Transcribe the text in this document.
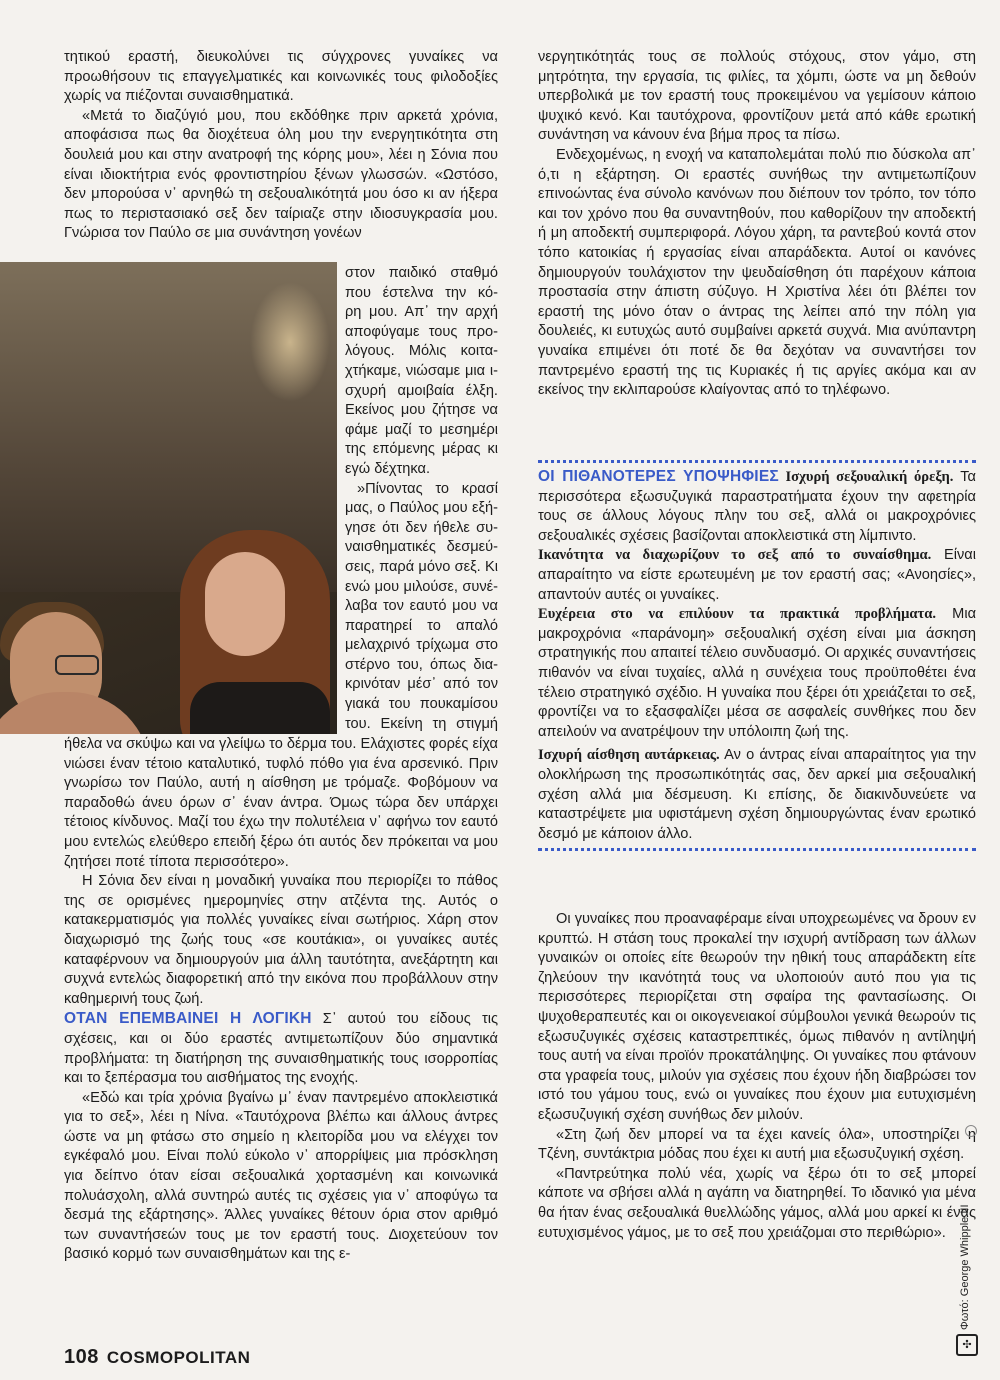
τητικού εραστή, διευκολύνει τις σύγχρονες γυναίκες να προωθήσουν τις επαγγελματικές και κοινωνικές τους φιλοδοξίες χωρίς να πιέζονται συναισθηματικά.

«Μετά το διαζύγιό μου, που εκδόθηκε πριν αρκετά χρόνια, αποφάσισα πως θα διοχέτευα όλη μου την ενεργητικότητα στη δουλειά μου και στην ανατροφή της κόρης μου», λέει η Σόνια που είναι ιδιοκτήτρια ενός φροντιστηρίου ξένων γλωσσών. «Ωστόσο, δεν μπορούσα ν᾽ αρνηθώ τη σεξουαλικότητά μου όσο κι αν ήξερα πως το περιστασιακό σεξ δεν ταίριαζε στην ιδιοσυγκρασία μου. Γνώρισα τον Παύλο σε μια συνάντηση γονέων

στον παιδικό σταθμό
που έστελνα την κό-
ρη μου. Απ᾽ την αρχή
αποφύγαμε τους προ-
λόγους. Μόλις κοιτα-
χτήκαμε, νιώσαμε μια ι-
σχυρή αμοιβαία έλξη.
Εκείνος μου ζήτησε να
φάμε μαζί το μεσημέρι
της επόμενης μέρας κι
εγώ δέχτηκα.
»Πίνοντας το κρασί
μας, ο Παύλος μου εξή-
γησε ότι δεν ήθελε συ-
ναισθηματικές δεσμεύ-
σεις, παρά μόνο σεξ. Κι
ενώ μου μιλούσε, συνέ-
λαβα τον εαυτό μου να
παρατηρεί το απαλό
μελαχρινό τρίχωμα στο
στέρνο του, όπως δια-
κρινόταν μέσ᾽ από τον
γιακά του πουκαμίσου
του. Εκείνη τη στιγμή

ήθελα να σκύψω και να γλείψω το δέρμα του. Ελάχιστες φορές είχα νιώσει έναν τέτοιο καταλυτικό, τυφλό πόθο για ένα αρσενικό. Πριν γνωρίσω τον Παύλο, αυτή η αίσθηση με τρόμαζε. Φοβόμουν να παραδοθώ άνευ όρων σ᾽ έναν άντρα. Όμως τώρα δεν υπάρχει τέτοιος κίνδυνος. Μαζί του έχω την πολυτέλεια ν᾽ αφήνω τον εαυτό μου εντελώς ελεύθερο επειδή ξέρω ότι αυτός δεν πρόκειται να μου ζητήσει ποτέ τίποτα περισσότερο».

Η Σόνια δεν είναι η μοναδική γυναίκα που περιορίζει το πάθος της σε ορισμένες ημερομηνίες στην ατζέντα της. Αυτός ο κατακερματισμός για πολλές γυναίκες είναι σωτήριος. Χάρη στον διαχωρισμό της ζωής τους «σε κουτάκια», οι γυναίκες αυτές καταφέρνουν να δημιουργούν μια άλλη ταυτότητα, ανεξάρτητη και συχνά εντελώς διαφορετική από την εικόνα που προβάλλουν στην καθημερινή τους ζωή.

ΟΤΑΝ ΕΠΕΜΒΑΙΝΕΙ Η ΛΟΓΙΚΗ Σ᾽ αυτού του είδους τις σχέσεις, και οι δύο εραστές αντιμετωπίζουν δύο σημαντικά προβλήματα: τη διατήρηση της συναισθηματικής τους ισορροπίας και το ξεπέρασμα του αισθήματος της ενοχής.

«Εδώ και τρία χρόνια βγαίνω μ᾽ έναν παντρεμένο αποκλειστικά για το σεξ», λέει η Νίνα. «Ταυτόχρονα βλέπω και άλλους άντρες ώστε να μη φτάσω στο σημείο η κλειτορίδα μου να ελέγχει τον εγκέφαλό μου. Είναι πολύ εύκολο ν᾽ απορρίψεις μια πρόσκληση για δείπνο όταν είσαι σεξουαλικά χορτασμένη και κοινωνικά πολυάσχολη, αλλά συντηρώ αυτές τις σχέσεις για ν᾽ αποφύγω τα δεσμά της εξάρτησης». Άλλες γυναίκες θέτουν όρια στον αριθμό των συναντήσεών τους με τον εραστή τους. Διοχετεύουν τον βασικό κορμό των συναισθημάτων και της ε-

νεργητικότητάς τους σε πολλούς στόχους, στον γάμο, στη μητρότητα, την εργασία, τις φιλίες, τα χόμπι, ώστε να μη δεθούν υπερβολικά με τον εραστή τους προκειμένου να γεμίσουν κάποιο ψυχικό κενό. Και ταυτόχρονα, φροντίζουν μετά από κάθε ερωτική συνάντηση να κάνουν ένα βήμα προς τα πίσω.

Ενδεχομένως, η ενοχή να καταπολεμάται πολύ πιο δύσκολα απ᾽ ό,τι η εξάρτηση. Οι εραστές συνήθως την αντιμετωπίζουν επινοώντας ένα σύνολο κανόνων που διέπουν τον τρόπο, τον τόπο και τον χρόνο που θα συναντηθούν, που καθορίζουν την αποδεκτή ή μη αποδεκτή συμπεριφορά. Λόγου χάρη, τα ραντεβού κοντά στον τόπο κατοικίας ή εργασίας είναι απαράδεκτα. Αυτοί οι κανόνες δημιουργούν τουλάχιστον την ψευδαίσθηση ότι παρέχουν κάποια προστασία στην άπιστη σύζυγο. Η Χριστίνα λέει ότι βλέπει τον εραστή της μόνο όταν ο άντρας της λείπει από την πόλη για δουλειές, κι ευτυχώς αυτό συμβαίνει αρκετά συχνά. Μια ανύπαντρη γυναίκα επιμένει ότι ποτέ δε θα δεχόταν να συναντήσει τον παντρεμένο εραστή της τις Κυριακές ή τις αργίες ακόμα και αν εκείνος την εκλιπαρούσε κλαίγοντας από το τηλέφωνο.

ΟΙ ΠΙΘΑΝΟΤΕΡΕΣ ΥΠΟΨΗΦΙΕΣ Ισχυρή σεξουαλική όρεξη. Τα περισσότερα εξωσυζυγικά παραστρατήματα έχουν την αφετηρία τους σε άλλους λόγους πλην του σεξ, αλλά οι μακροχρόνιες σεξουαλικές σχέσεις βασίζονται αποκλειστικά στη λίμπιντο.

Ικανότητα να διαχωρίζουν το σεξ από το συναίσθημα. Είναι απαραίτητο να είστε ερωτευμένη με τον εραστή σας; «Ανοησίες», απαντούν αυτές οι γυναίκες.

Ευχέρεια στο να επιλύουν τα πρακτικά προβλήματα. Μια μακροχρόνια «παράνομη» σεξουαλική σχέση είναι μια άσκηση στρατηγικής που απαιτεί τέλειο συνδυασμό. Οι αρχικές συναντήσεις πιθανόν να είναι τυχαίες, αλλά η συνέχεια τους προϋποθέτει ένα τέλειο στρατηγικό σχέδιο. Η γυναίκα που ξέρει ότι χρειάζεται το σεξ, φροντίζει να το εξασφαλίζει μέσα σε ασφαλείς συνθήκες που δεν απειλούν να ανατρέψουν την υπόλοιπη ζωή της.

Ισχυρή αίσθηση αυτάρκειας. Αν ο άντρας είναι απαραίτητος για την ολοκλήρωση της προσωπικότητάς σας, δεν αρκεί μια σεξουαλική σχέση αλλά μια δέσμευση. Κι επίσης, δε διακινδυνεύετε να καταστρέψετε μια υφιστάμενη σχέση δημιουργώντας έναν ερωτικό δεσμό με κάποιον άλλο.

Οι γυναίκες που προαναφέραμε είναι υποχρεωμένες να δρουν εν κρυπτώ. Η στάση τους προκαλεί την ισχυρή αντίδραση των άλλων γυναικών οι οποίες είτε θεωρούν την ηθική τους απαράδεκτη είτε ζηλεύουν την ικανότητά τους να υλοποιούν αυτό που για τις περισσότερες περιορίζεται στη σφαίρα της φαντασίωσης. Οι ψυχοθεραπευτές και οι οικογενειακοί σύμβουλοι γενικά θεωρούν τις εξωσυζυγικές σχέσεις καταστρεπτικές, όμως πιθανόν η αντίληψή τους αυτή να είναι προϊόν προκατάληψης. Οι γυναίκες που φτάνουν στα γραφεία τους, μιλούν για σχέσεις που έχουν ήδη διαβρώσει τον ιστό του γάμου τους, ενώ οι γυναίκες που έχουν μια ευτυχισμένη εξωσυζυγική σχέση συνήθως δεν μιλούν.

«Στη ζωή δεν μπορεί να τα έχει κανείς όλα», υποστηρίζει η Τζένη, συντάκτρια μόδας που έχει κι αυτή μια εξωσυζυγική σχέση.

«Παντρεύτηκα πολύ νέα, χωρίς να ξέρω ότι το σεξ μπορεί κάποτε να σβήσει αλλά η αγάπη να διατηρηθεί. Το ιδανικό για μένα θα ήταν ένας σεξουαλικά θυελλώδης γάμος, αλλά μου αρκεί κι ένας ευτυχισμένος γάμος, με το σεξ που χρειάζομαι στο περιθώριο».

108 COSMOPOLITAN
Φωτό: George Whipple III
✣
